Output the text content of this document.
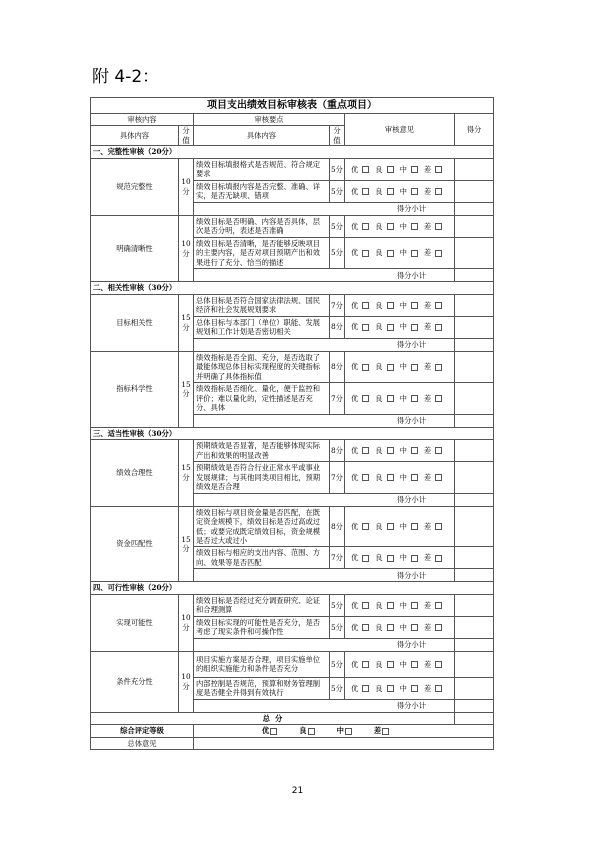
附 4-2：
项目支出绩效目标审核表（重点项目）					
审核内容		审核要点		审核意见	得分
具体内容	分值	具体内容	分值		
一、完整性审核（20分）					
规范完整性	10分	绩效目标填报格式是否规范、符合规定要求	5分	优 良 中 差	
		绩效目标填报内容是否完整、准确、详实，是否无缺项、错项	5分	优 良 中 差	
		得分小计			
明确清晰性	10分	绩效目标是否明确、内容是否具体，层次是否分明，表述是否准确	5分	优 良 中 差	
		绩效目标是否清晰，是否能够反映项目的主要内容，是否对项目预期产出和效果进行了充分、恰当的描述	5分	优 良 中 差	
		得分小计			
二、相关性审核（30分）					
目标相关性	15分	总体目标是否符合国家法律法规、国民经济和社会发展规划要求	7分	优 良 中 差	
		总体目标与本部门（单位）职能、发展规划和工作计划是否密切相关	8分	优 良 中 差	
		得分小计			
指标科学性	15分	绩效指标是否全面、充分，是否选取了最能体现总体目标实现程度的关键指标并明确了具体指标值	8分	优 良 中 差	
		绩效指标是否细化、量化，便于监控和评价；难以量化的，定性描述是否充分、具体	7分	优 良 中 差	
		得分小计			
三、适当性审核（30分）					
绩效合理性	15分	预期绩效是否显著，是否能够体现实际产出和效果的明显改善	8分	优 良 中 差	
		预期绩效是否符合行业正常水平或事业发展规律；与其他同类项目相比，预期绩效是否合理	7分	优 良 中 差	
		得分小计			
资金匹配性	15分	绩效目标与项目资金量是否匹配，在既定资金规模下，绩效目标是否过高或过低；或要完成既定绩效目标，资金规模是否过大或过小	8分	优 良 中 差	
		绩效目标与相应的支出内容、范围、方向、效果等是否匹配	7分	优 良 中 差	
		得分小计			
四、可行性审核（20分）					
实现可能性	10分	绩效目标是否经过充分调查研究、论证和合理测算	5分	优 良 中 差	
		绩效目标实现的可能性是否充分，是否考虑了现实条件和可操作性	5分	优 良 中 差	
		得分小计			
条件充分性	10分	项目实施方案是否合理，项目实施单位的组织实施能力和条件是否充分	5分	优 良 中 差	
		内部控制是否规范，预算和财务管理制度是否健全并得到有效执行	5分	优 良 中 差	
		得分小计			
总  分					
综合评定等级		优 良 中 差			
总体意见					
21
